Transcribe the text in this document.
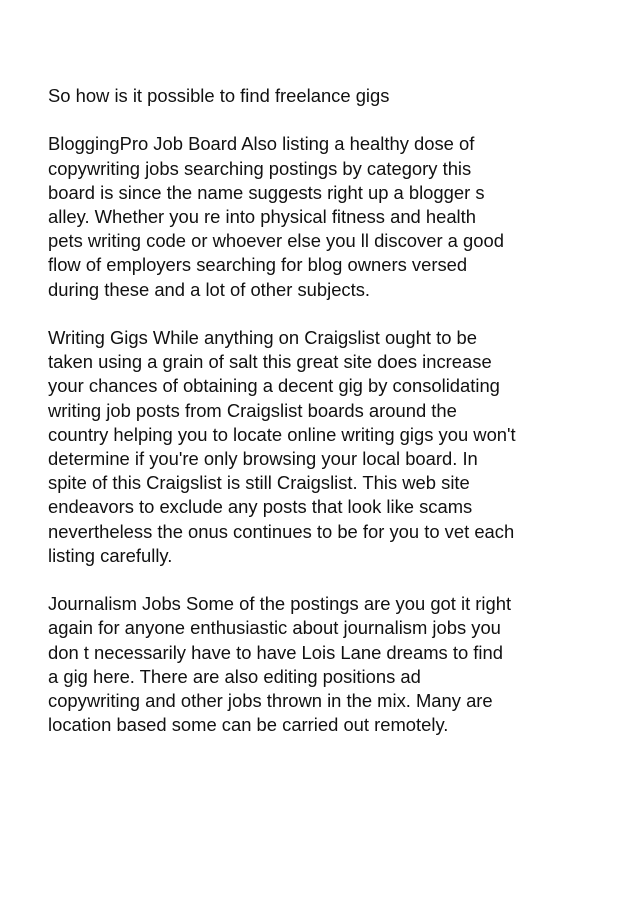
So how is it possible to find freelance gigs
BloggingPro Job Board Also listing a healthy dose of
copywriting jobs searching postings by category this
board is since the name suggests right up a blogger s
alley. Whether you re into physical fitness and health
pets writing code or whoever else you ll discover a good
flow of employers searching for blog owners versed
during these and a lot of other subjects.
Writing Gigs While anything on Craigslist ought to be
taken using a grain of salt this great site does increase
your chances of obtaining a decent gig by consolidating
writing job posts from Craigslist boards around the
country helping you to locate online writing gigs you won't
determine if you're only browsing your local board. In
spite of this Craigslist is still Craigslist. This web site
endeavors to exclude any posts that look like scams
nevertheless the onus continues to be for you to vet each
listing carefully.
Journalism Jobs Some of the postings are you got it right
again for anyone enthusiastic about journalism jobs you
don t necessarily have to have Lois Lane dreams to find
a gig here. There are also editing positions ad
copywriting and other jobs thrown in the mix. Many are
location based some can be carried out remotely.
